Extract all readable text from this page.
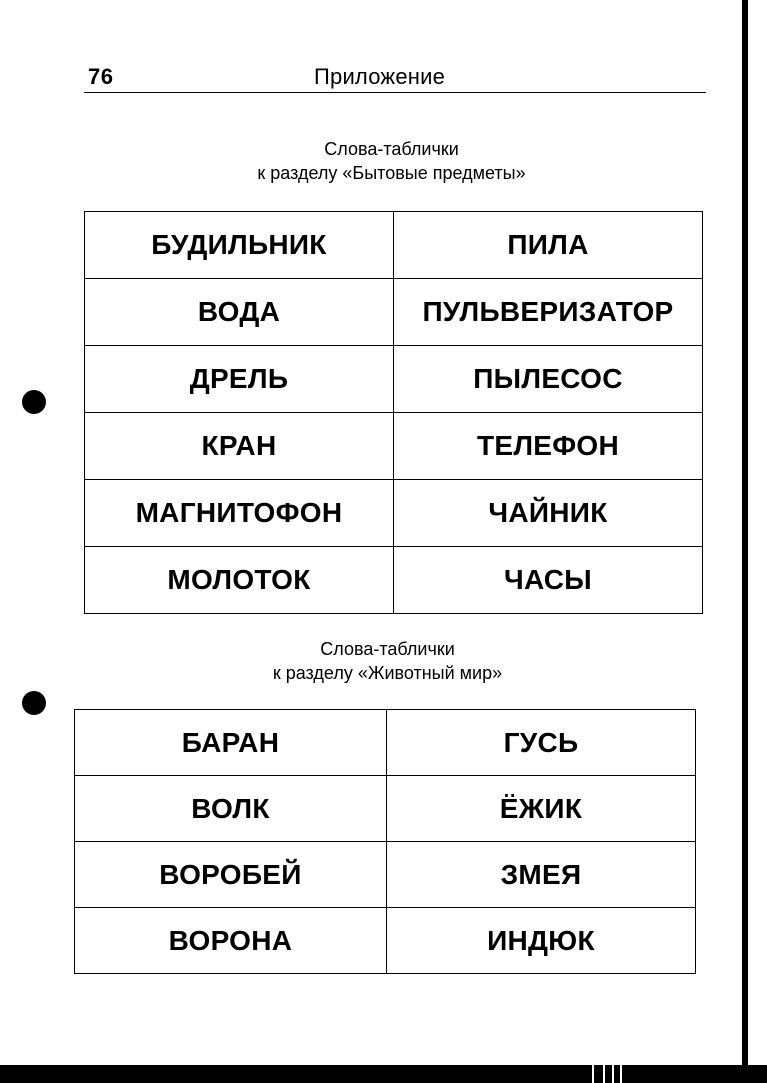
76	Приложение
Слова-таблички
к разделу «Бытовые предметы»
БУДИЛЬНИК	ПИЛА
ВОДА	ПУЛЬВЕРИЗАТОР
ДРЕЛЬ	ПЫЛЕСОС
КРАН	ТЕЛЕФОН
МАГНИТОФОН	ЧАЙНИК
МОЛОТОК	ЧАСЫ
Слова-таблички
к разделу «Животный мир»
БАРАН	ГУСЬ
ВОЛК	ЁЖИК
ВОРОБЕЙ	ЗМЕЯ
ВОРОНА	ИНДЮК
